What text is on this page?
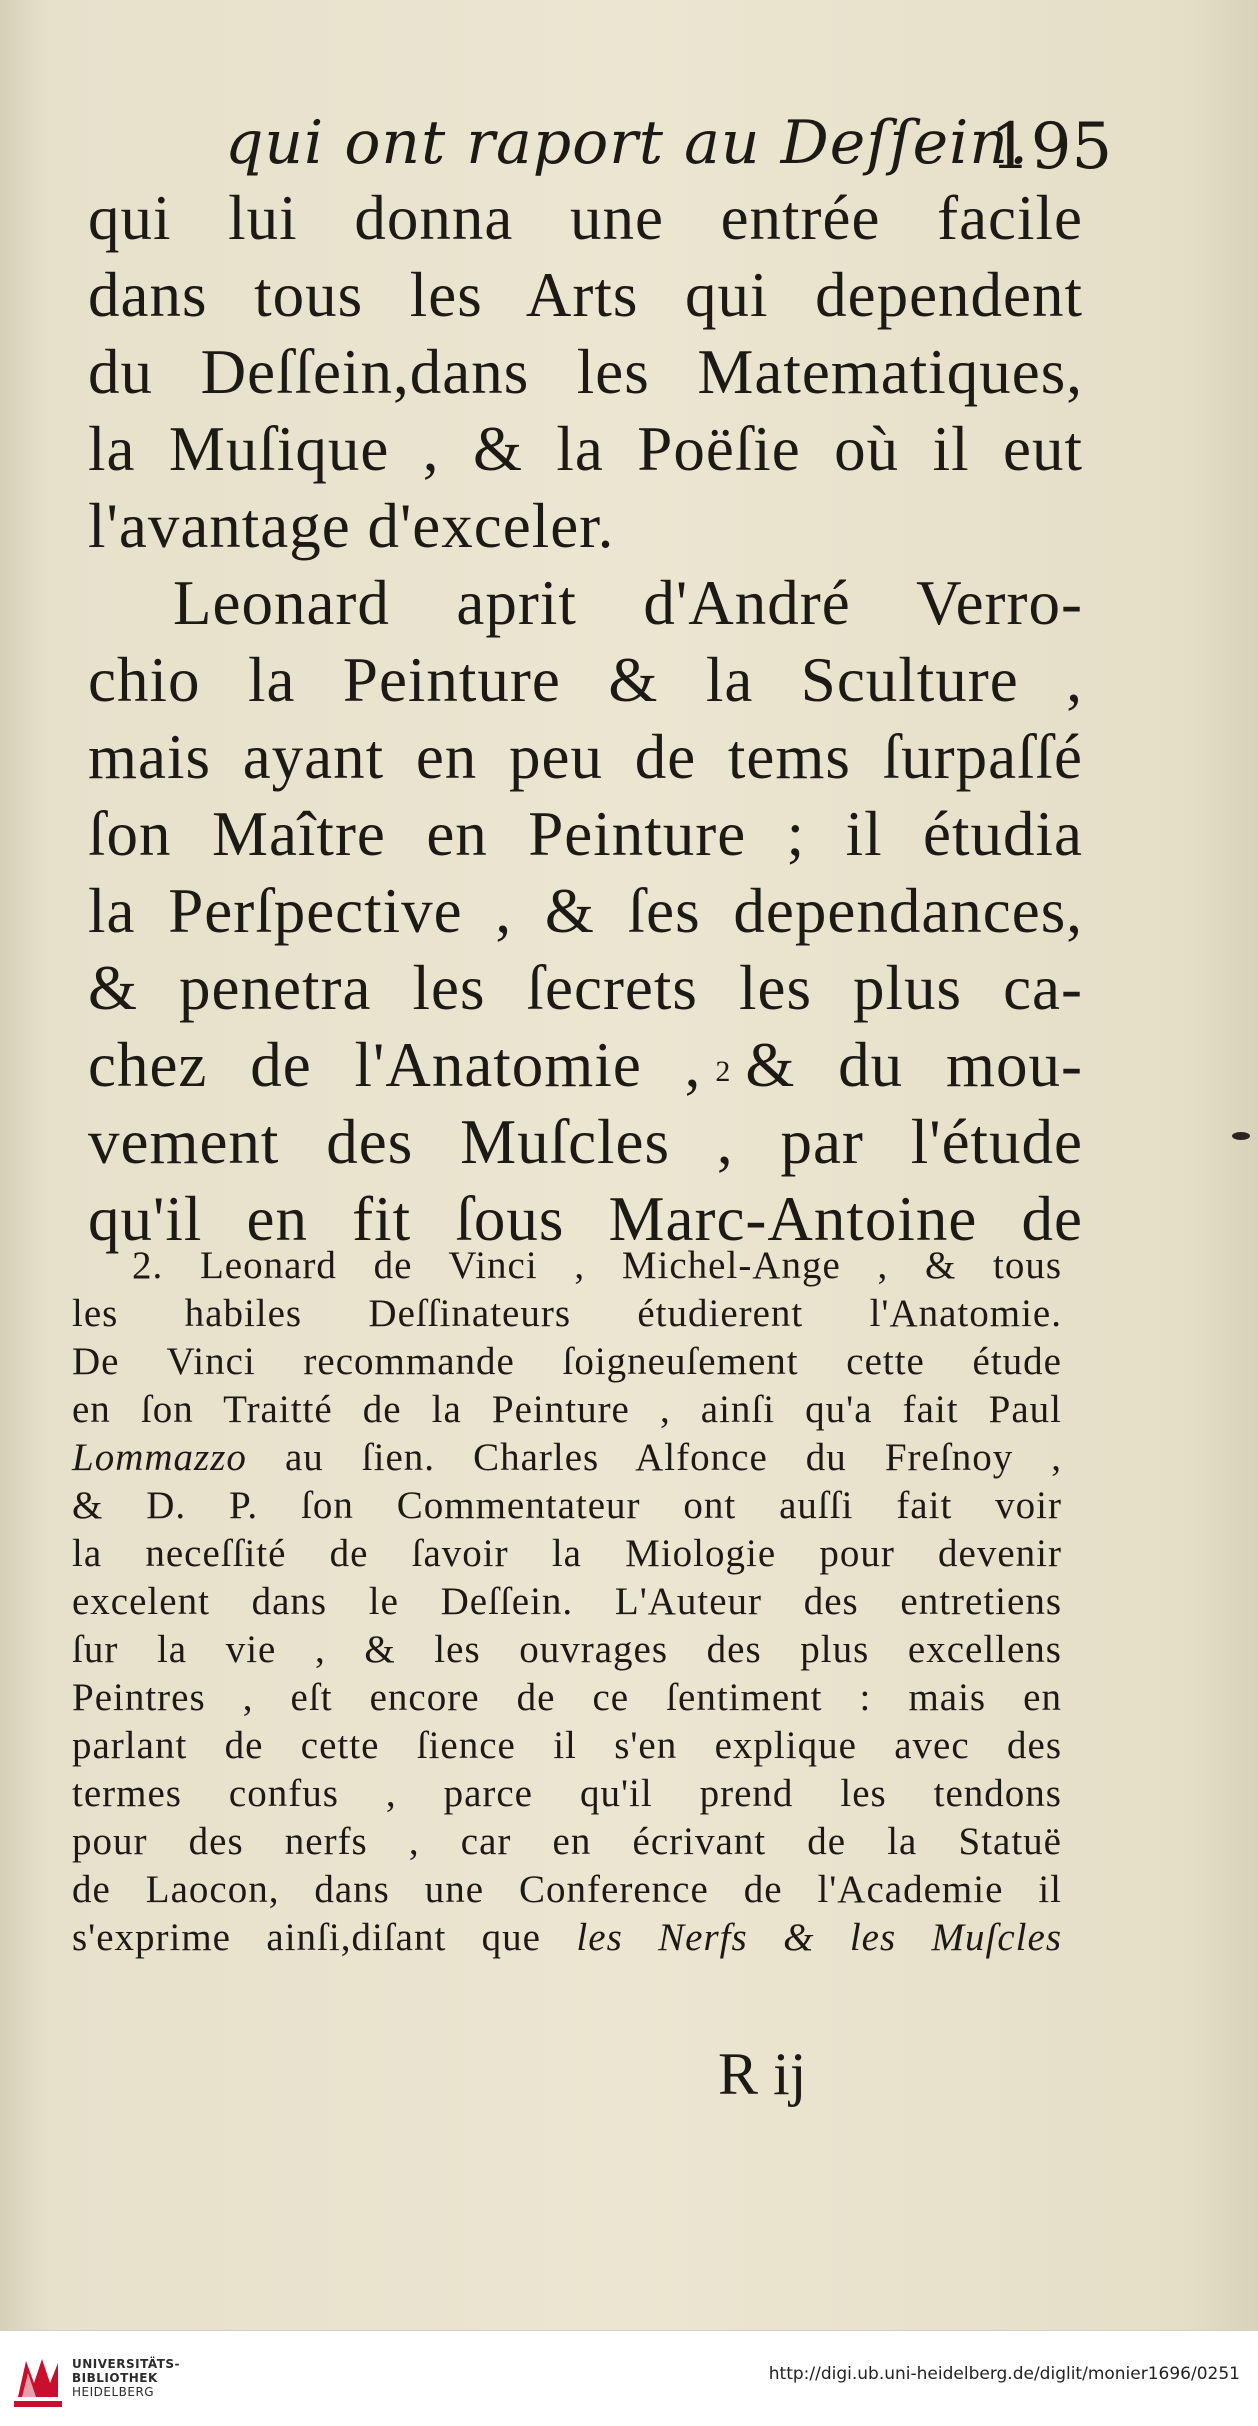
qui ont raport au Deſſein.
195
qui lui donna une entrée facile
dans tous les Arts qui dependent
du Deſſein,dans les Matematiques,
la Muſique , & la Poëſie où il eut
l'avantage d'exceler.
Leonard aprit d'André Verro-
chio la Peinture & la Sculture ,
mais ayant en peu de tems ſurpaſſé
ſon Maître en Peinture ; il étudia
la Perſpective , & ſes dependances,
& penetra les ſecrets les plus ca-
chez de l'Anatomie , $^2$ & du mou-
vement des Muſcles , par l'étude
qu'il en fit ſous Marc-Antoine de
2. Leonard de Vinci , Michel-Ange , & tous
les habiles Deſſinateurs étudierent l'Anatomie.
De Vinci recommande ſoigneuſement cette étude
en ſon Traitté de la Peinture , ainſi qu'a fait Paul
Lommazzo au ſien. Charles Alfonce du Freſnoy ,
& D. P. ſon Commentateur ont auſſi fait voir
la neceſſité de ſavoir la Miologie pour devenir
excelent dans le Deſſein. L'Auteur des entretiens
ſur la vie , & les ouvrages des plus excellens
Peintres , eſt encore de ce ſentiment : mais en
parlant de cette ſience il s'en explique avec des
termes confus , parce qu'il prend les tendons
pour des nerfs , car en écrivant de la Statuë
de Laocon, dans une Conference de l'Academie il
s'exprime ainſi,diſant que les Nerfs & les Muſcles
R ij
UNIVERSITÄTS-
BIBLIOTHEK
HEIDELBERG
http://digi.ub.uni-heidelberg.de/diglit/monier1696/0251
